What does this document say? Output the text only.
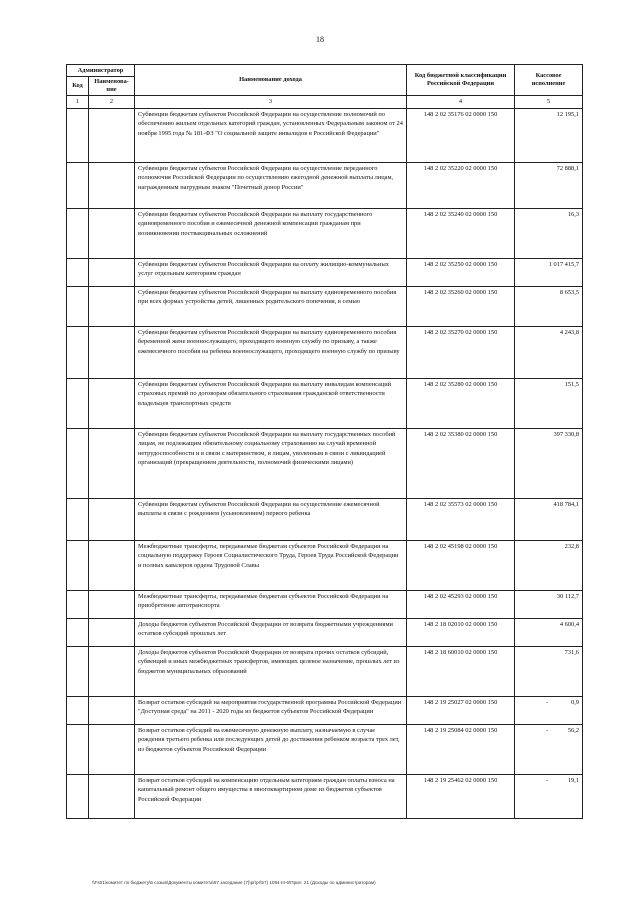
18
Администратор		Наименование дохода	Код бюджетной классификации Российской Федерации	Кассовое исполнение
Код	Наименова-ние			
1	2	3	4	5
		Субвенции бюджетам субъектов Российской Федерации на осуществление полномочий по обеспечению жильем отдельных категорий граждан, установленных Федеральным законом от 24 ноября 1995 года № 181-ФЗ "О социальной защите инвалидов в Российской Федерации"	148 2 02 35176 02 0000 150	12 195,1
		Субвенции бюджетам субъектов Российской Федерации на осуществление переданного полномочия Российской Федерации по осуществлению ежегодной денежной выплаты лицам, награжденным нагрудным знаком "Почетный донор России"	148 2 02 35220 02 0000 150	72 888,1
		Субвенции бюджетам субъектов Российской Федерации на выплату государственного единовременного пособия и ежемесячной денежной компенсации гражданам при возникновении поствакцинальных осложнений	148 2 02 35240 02 0000 150	16,3
		Субвенции бюджетам субъектов Российской Федерации на оплату жилищно-коммунальных услуг отдельным категориям граждан	148 2 02 35250 02 0000 150	1 017 415,7
		Субвенции бюджетам субъектов Российской Федерации на выплату единовременного пособия при всех формах устройства детей, лишенных родительского попечения, в семью	148 2 02 35260 02 0000 150	8 653,5
		Субвенции бюджетам субъектов Российской Федерации на выплату единовременного пособия беременной жене военнослужащего, проходящего военную службу по призыву, а также ежемесячного пособия на ребенка военнослужащего, проходящего военную службу по призыву	148 2 02 35270 02 0000 150	4 243,8
		Субвенции бюджетам субъектов Российской Федерации на выплату инвалидам компенсаций страховых премий по договорам обязательного страхования гражданской ответственности владельцев транспортных средств	148 2 02 35280 02 0000 150	151,5
		Субвенции бюджетам субъектов Российской Федерации на выплату государственных пособий лицам, не подлежащим обязательному социальному страхованию на случай временной нетрудоспособности и в связи с материнством, и лицам, уволенным в связи с ликвидацией организаций (прекращением деятельности, полномочий физическими лицами)	148 2 02 35380 02 0000 150	397 330,8
		Субвенции бюджетам субъектов Российской Федерации на осуществление ежемесячной выплаты в связи с рождением (усыновлением) первого ребенка	148 2 02 35573 02 0000 150	418 784,1
		Межбюджетные трансферты, передаваемые бюджетам субъектов Российской Федерации на социальную поддержку Героев Социалистического Труда, Героев Труда Российской Федерации и полных кавалеров ордена Трудовой Славы	148 2 02 45198 02 0000 150	232,8
		Межбюджетные трансферты, передаваемые бюджетам субъектов Российской Федерации на приобретение автотранспорта	148 2 02 45293 02 0000 150	30 112,7
		Доходы бюджетов субъектов Российской Федерации от возврата бюджетными учреждениями остатков субсидий прошлых лет	148 2 18 02010 02 0000 150	4 600,4
		Доходы бюджетов субъектов Российской Федерации от возврата прочих остатков субсидий, субвенций и иных межбюджетных трансфертов, имеющих целевое назначение, прошлых лет из бюджетов муниципальных образований	148 2 18 60010 02 0000 150	731,6
		Возврат остатков субсидий на мероприятия государственной программы Российской Федерации "Доступная среда" на 2011 - 2020 годы из бюджетов субъектов Российской Федерации	148 2 19 25027 02 0000 150	- 0,9
		Возврат остатков субсидий на ежемесячную денежную выплату, назначаемую в случае рождения третьего ребенка или последующих детей до достижения ребенком возраста трех лет, из бюджетов субъектов Российской Федерации	148 2 19 25084 02 0000 150	- 56,2
		Возврат остатков субсидий на компенсацию отдельным категориям граждан оплаты взноса на капитальный ремонт общего имущества в многоквартирном доме из бюджетов субъектов Российской Федерации	148 2 19 25462 02 0000 150	- 19,1
\\Fs01\комитет по бюджету\6 созыв\Документы комитета\57 заседание (7)\pr\pr\57) 1094-III-6\Прил. 21 (Доходы по администраторам)
